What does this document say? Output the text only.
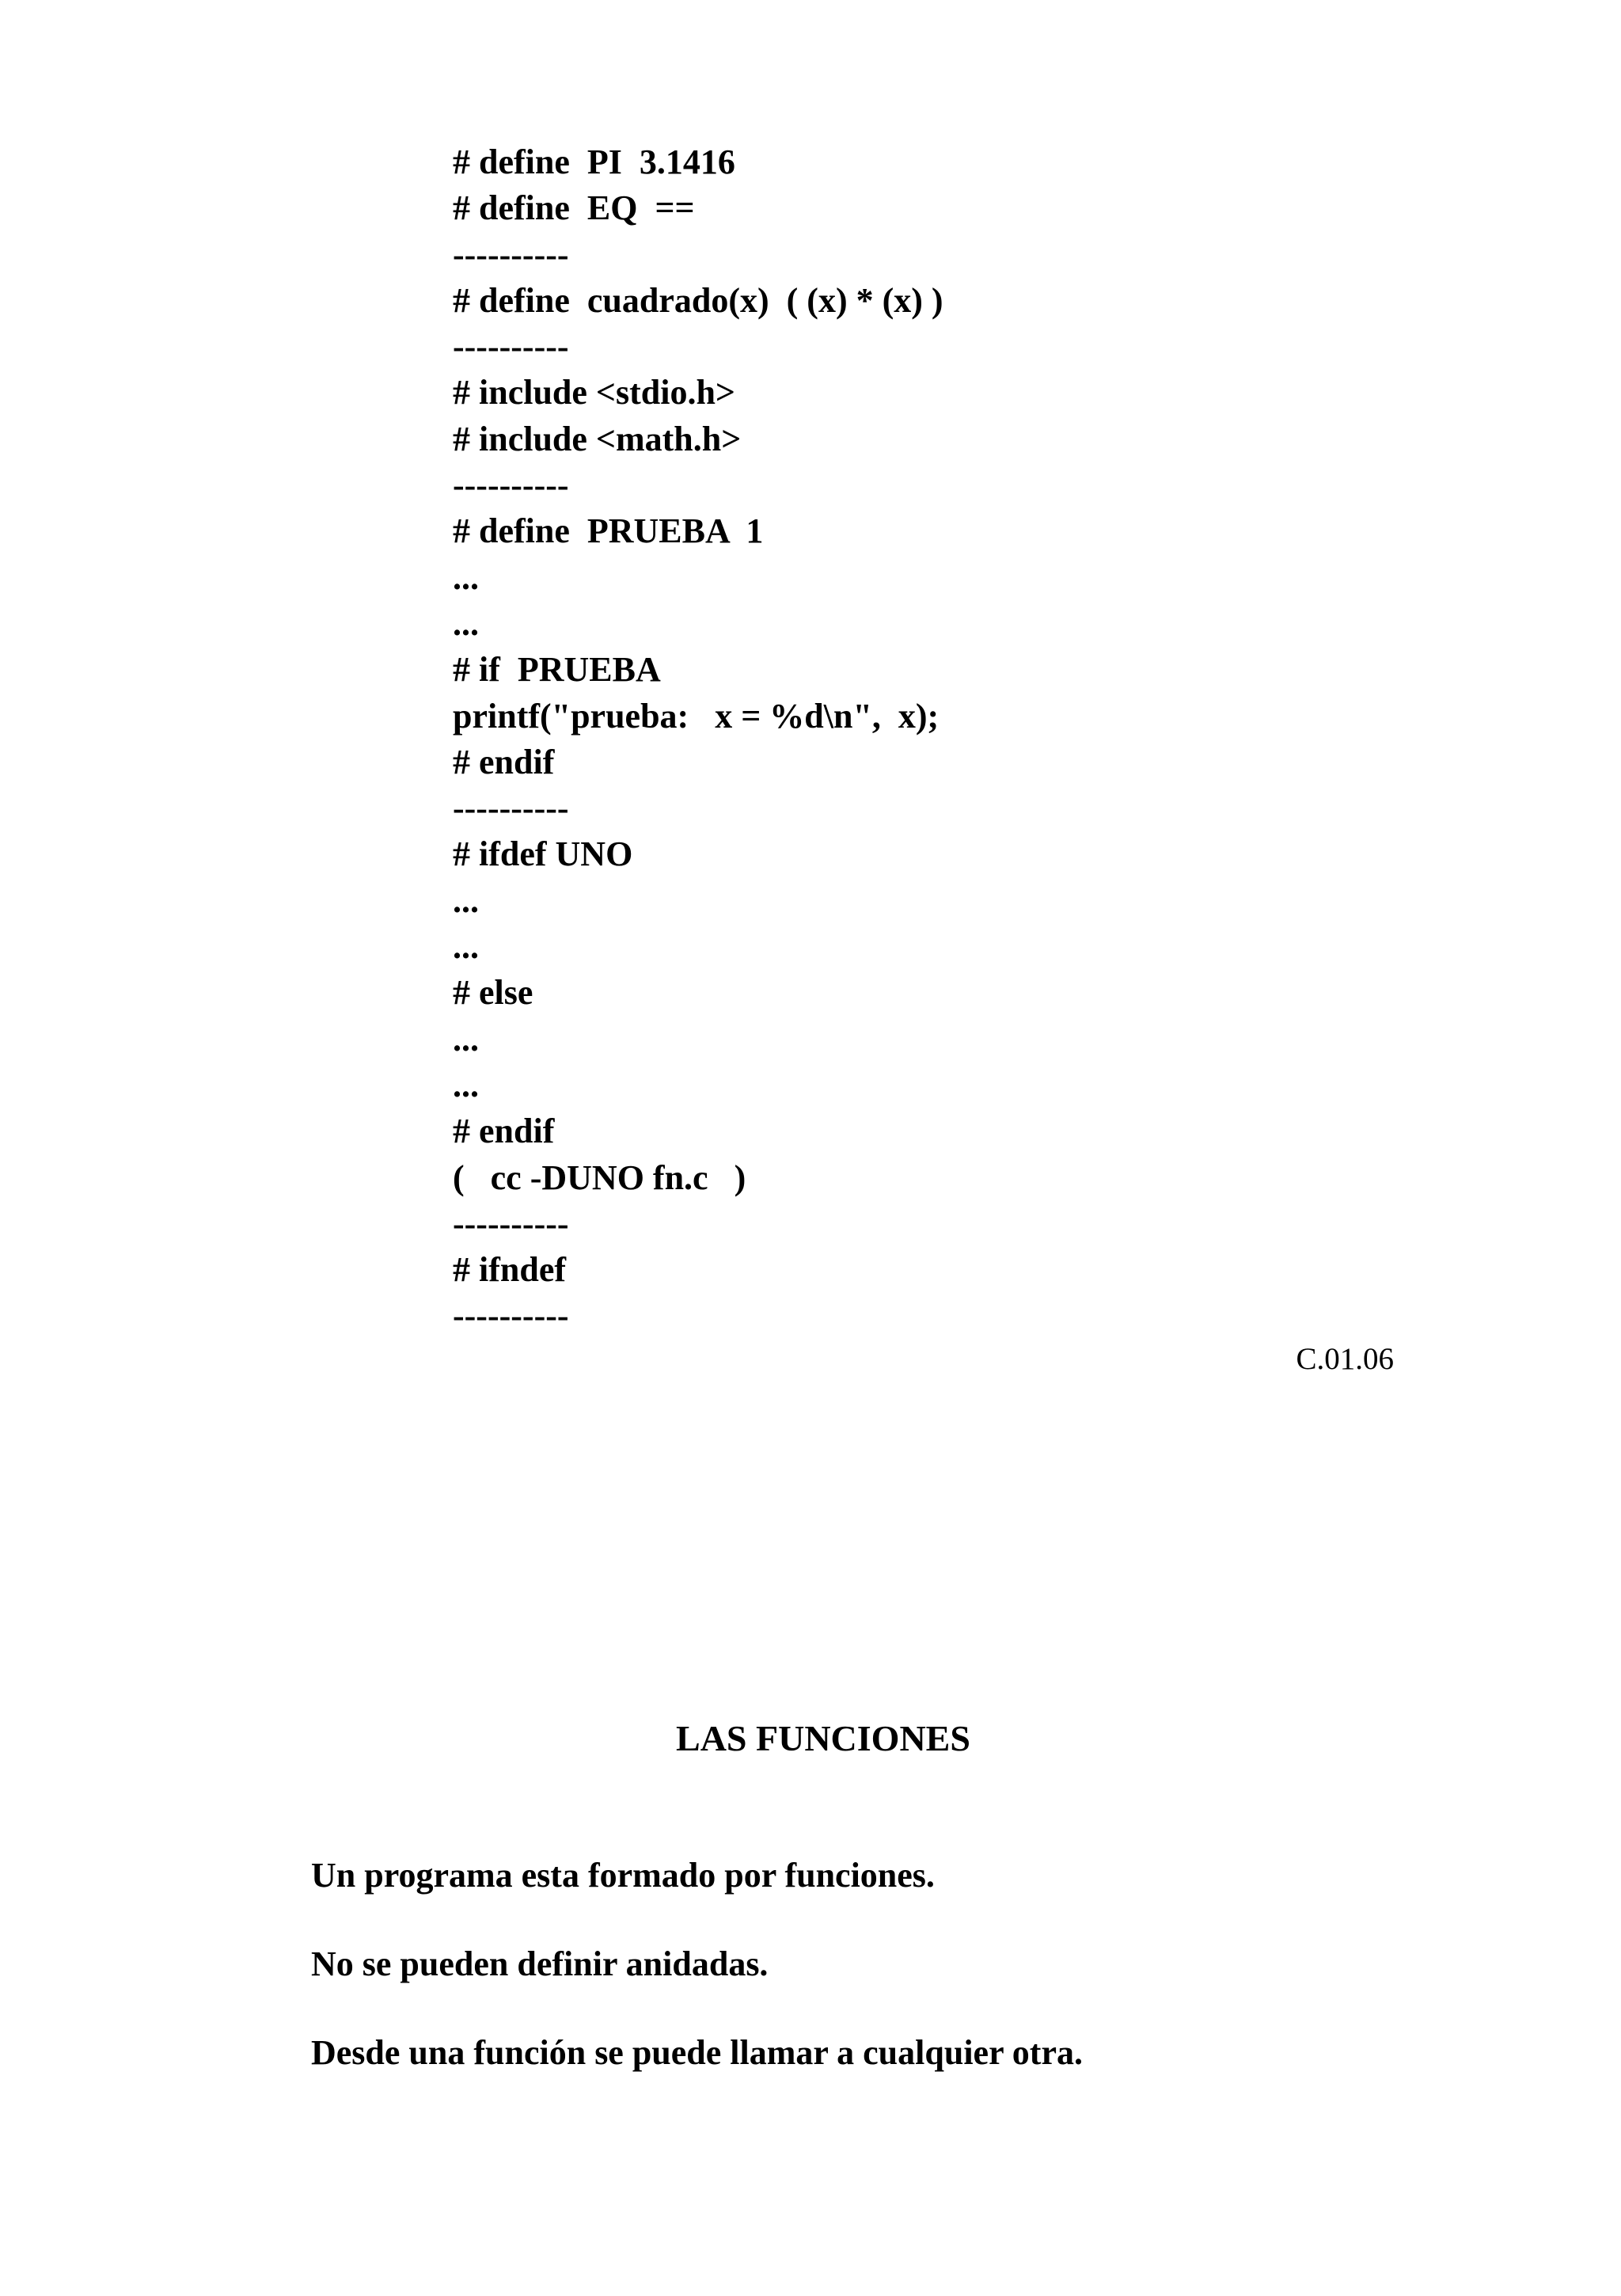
# define  PI  3.1416
# define  EQ  ==
----------
# define  cuadrado(x)  ( (x) * (x) )
----------
# include <stdio.h>
# include <math.h>
----------
# define  PRUEBA  1
...
...
# if  PRUEBA
printf("prueba:   x = %d\n",  x);
# endif
----------
# ifdef UNO
...
...
# else
...
...
# endif
(   cc -DUNO fn.c   )
----------
# ifndef
----------
C.01.06
LAS FUNCIONES
Un programa esta formado por funciones.
No se pueden definir anidadas.
Desde una función se puede llamar a cualquier otra.
